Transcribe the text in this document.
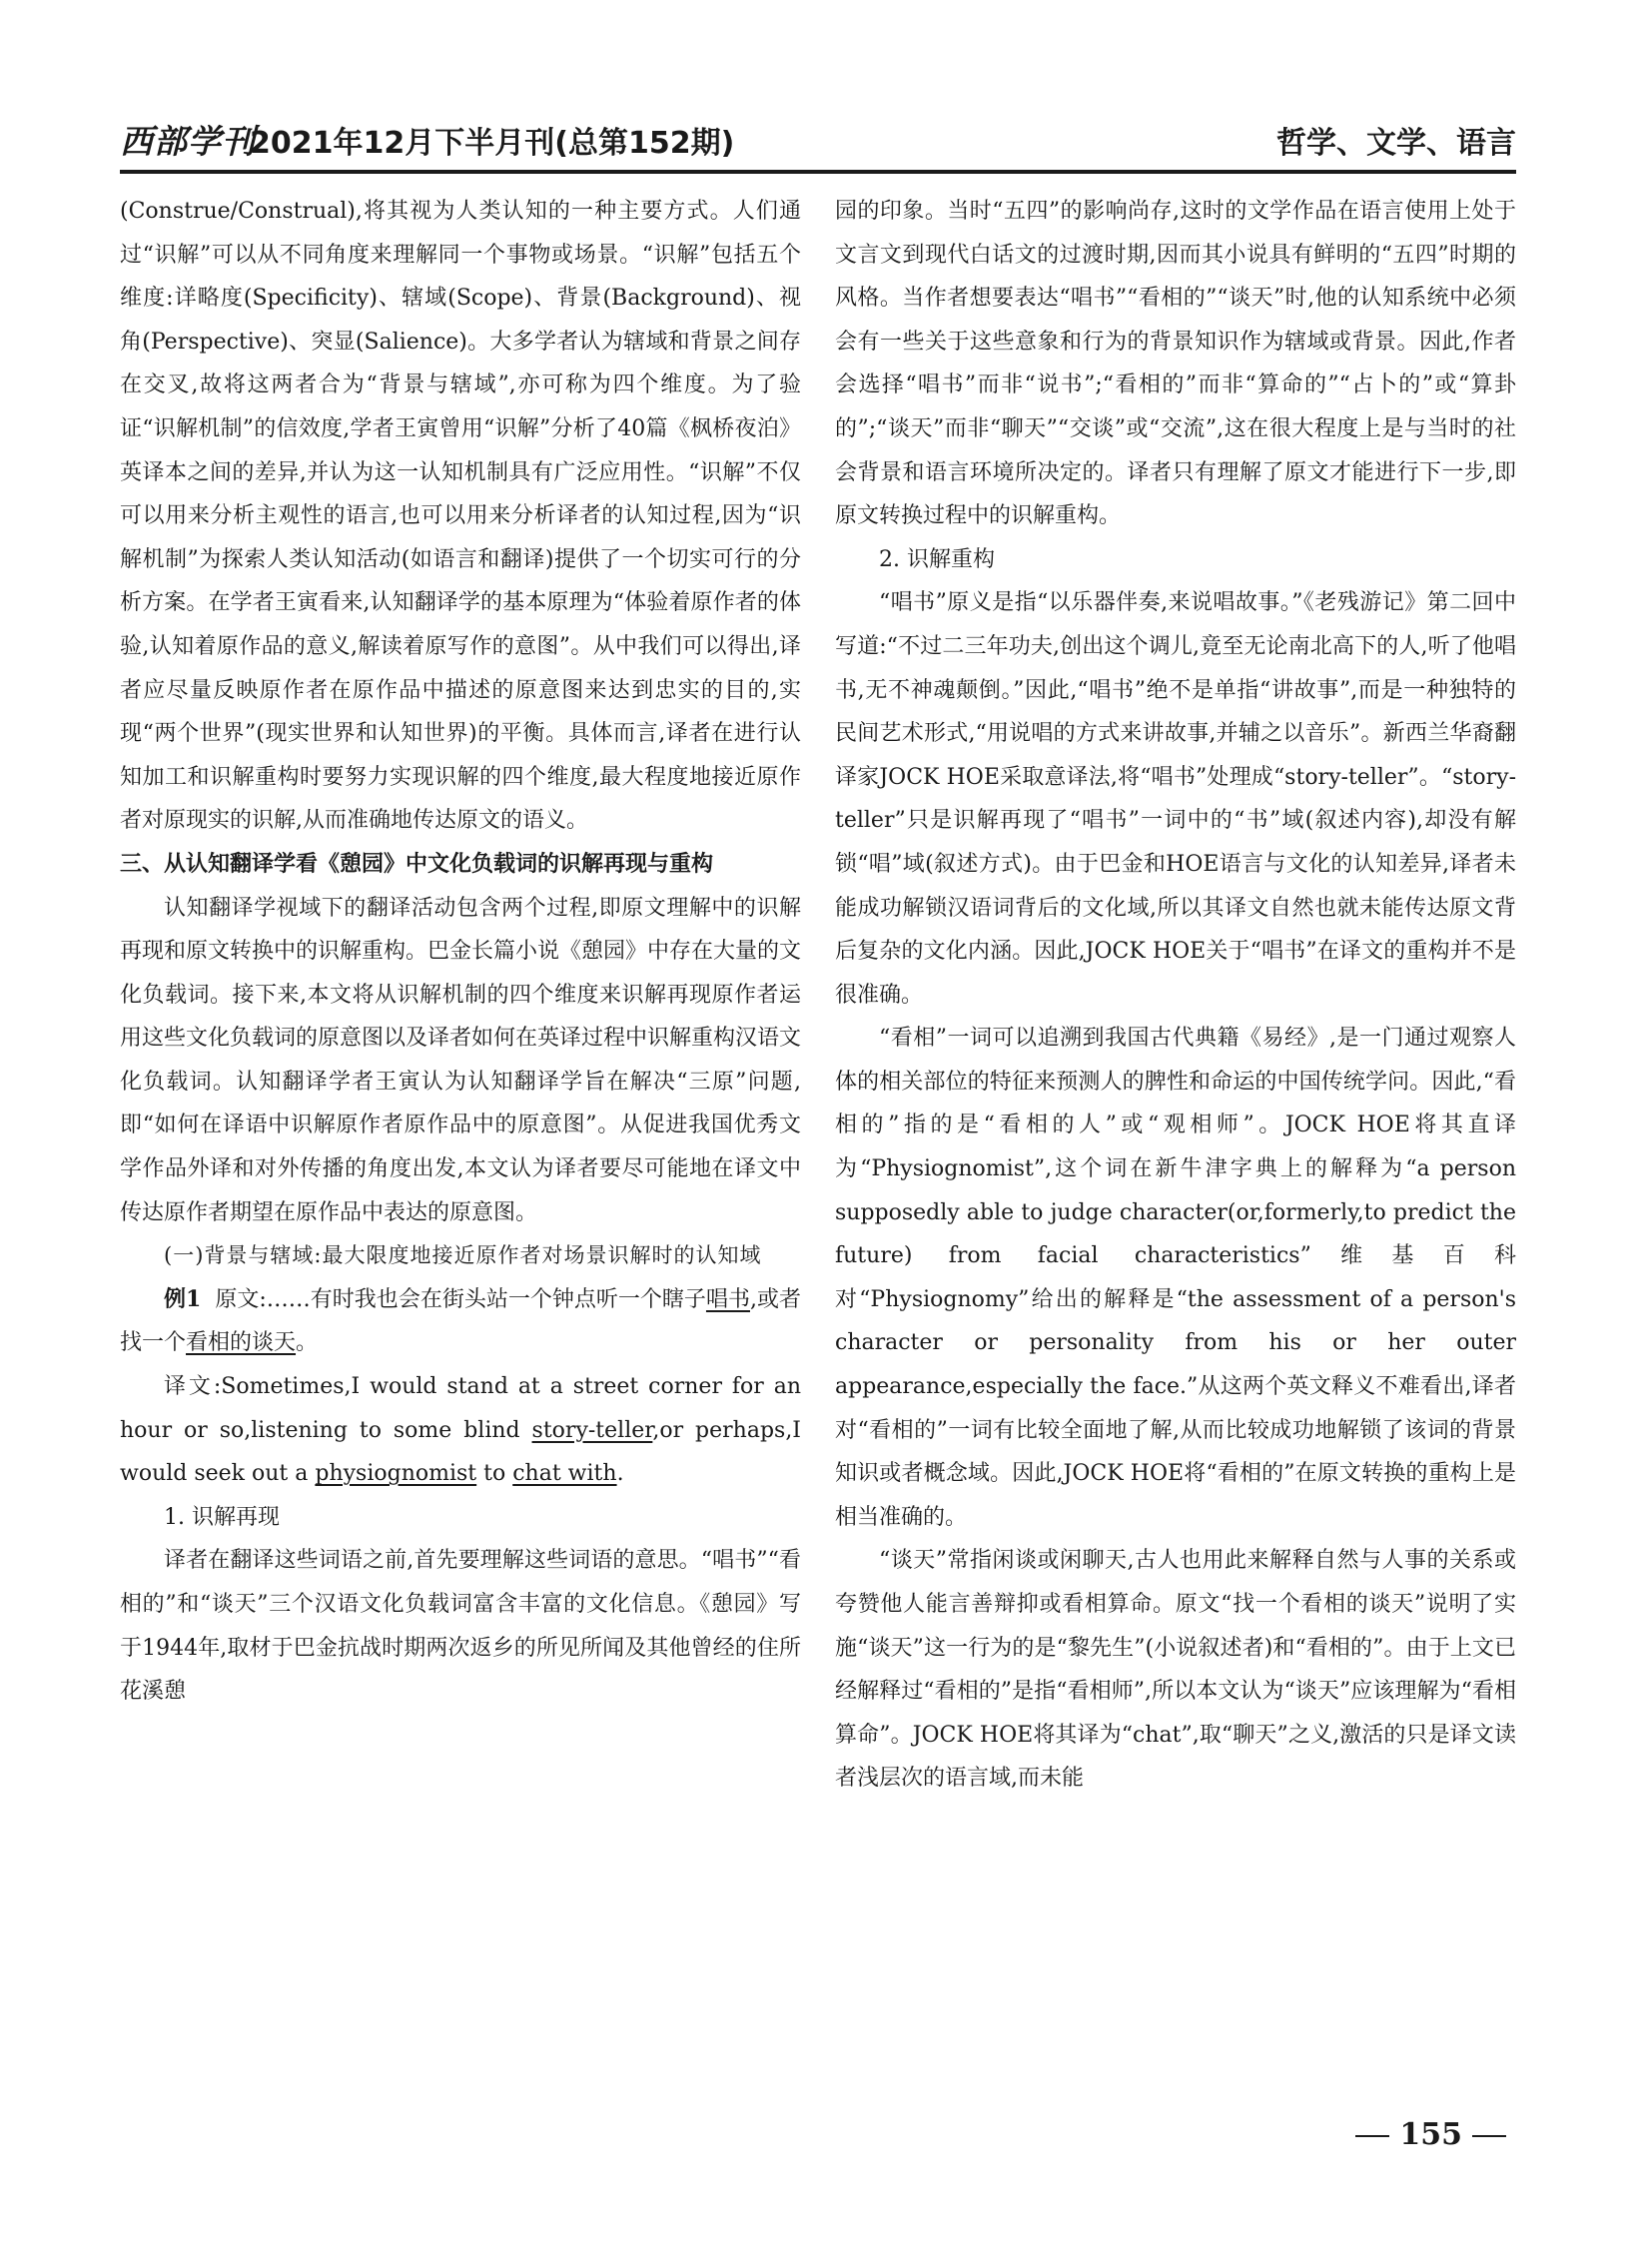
西部学刊
2021年12月下半月刊(总第152期)	哲学、文学、语言

(Construe/Construal),将其视为人类认知的一种主要方式。人们通过“识解”可以从不同角度来理解同一个事物或场景。“识解”包括五个维度:详略度(Specificity)、辖域(Scope)、背景(Background)、视角(Perspective)、突显(Salience)。大多学者认为辖域和背景之间存在交叉,故将这两者合为“背景与辖域”,亦可称为四个维度。为了验证“识解机制”的信效度,学者王寅曾用“识解”分析了40篇《枫桥夜泊》英译本之间的差异,并认为这一认知机制具有广泛应用性。“识解”不仅可以用来分析主观性的语言,也可以用来分析译者的认知过程,因为“识解机制”为探索人类认知活动(如语言和翻译)提供了一个切实可行的分析方案。在学者王寅看来,认知翻译学的基本原理为“体验着原作者的体验,认知着原作品的意义,解读着原写作的意图”。从中我们可以得出,译者应尽量反映原作者在原作品中描述的原意图来达到忠实的目的,实现“两个世界”(现实世界和认知世界)的平衡。具体而言,译者在进行认知加工和识解重构时要努力实现识解的四个维度,最大程度地接近原作者对原现实的识解,从而准确地传达原文的语义。

三、从认知翻译学看《憩园》中文化负载词的识解再现与重构

认知翻译学视域下的翻译活动包含两个过程,即原文理解中的识解再现和原文转换中的识解重构。巴金长篇小说《憩园》中存在大量的文化负载词。接下来,本文将从识解机制的四个维度来识解再现原作者运用这些文化负载词的原意图以及译者如何在英译过程中识解重构汉语文化负载词。认知翻译学者王寅认为认知翻译学旨在解决“三原”问题,即“如何在译语中识解原作者原作品中的原意图”。从促进我国优秀文学作品外译和对外传播的角度出发,本文认为译者要尽可能地在译文中传达原作者期望在原作品中表达的原意图。

(一)背景与辖域:最大限度地接近原作者对场景识解时的认知域

例1 原文:……有时我也会在街头站一个钟点听一个瞎子唱书,或者找一个看相的谈天。

译文:Sometimes,I would stand at a street corner for an hour or so,listening to some blind story-teller,or perhaps,I would seek out a physiognomist to chat with.

1. 识解再现

译者在翻译这些词语之前,首先要理解这些词语的意思。“唱书”“看相的”和“谈天”三个汉语文化负载词富含丰富的文化信息。《憩园》写于1944年,取材于巴金抗战时期两次返乡的所见所闻及其他曾经的住所花溪憩

园的印象。当时“五四”的影响尚存,这时的文学作品在语言使用上处于文言文到现代白话文的过渡时期,因而其小说具有鲜明的“五四”时期的风格。当作者想要表达“唱书”“看相的”“谈天”时,他的认知系统中必须会有一些关于这些意象和行为的背景知识作为辖域或背景。因此,作者会选择“唱书”而非“说书”;“看相的”而非“算命的”“占卜的”或“算卦的”;“谈天”而非“聊天”“交谈”或“交流”,这在很大程度上是与当时的社会背景和语言环境所决定的。译者只有理解了原文才能进行下一步,即原文转换过程中的识解重构。

2. 识解重构

“唱书”原义是指“以乐器伴奏,来说唱故事。”《老残游记》第二回中写道:“不过二三年功夫,创出这个调儿,竟至无论南北高下的人,听了他唱书,无不神魂颠倒。”因此,“唱书”绝不是单指“讲故事”,而是一种独特的民间艺术形式,“用说唱的方式来讲故事,并辅之以音乐”。新西兰华裔翻译家JOCK HOE采取意译法,将“唱书”处理成“story-teller”。“story-teller”只是识解再现了“唱书”一词中的“书”域(叙述内容),却没有解锁“唱”域(叙述方式)。由于巴金和HOE语言与文化的认知差异,译者未能成功解锁汉语词背后的文化域,所以其译文自然也就未能传达原文背后复杂的文化内涵。因此,JOCK HOE关于“唱书”在译文的重构并不是很准确。

“看相”一词可以追溯到我国古代典籍《易经》,是一门通过观察人体的相关部位的特征来预测人的脾性和命运的中国传统学问。因此,“看相的”指的是“看相的人”或“观相师”。JOCK HOE将其直译为“Physiognomist”,这个词在新牛津字典上的解释为“a person supposedly able to judge character(or,formerly,to predict the future) from facial characteristics”维基百科对“Physiognomy”给出的解释是“the assessment of a person's character or personality from his or her outer appearance,especially the face.”从这两个英文释义不难看出,译者对“看相的”一词有比较全面地了解,从而比较成功地解锁了该词的背景知识或者概念域。因此,JOCK HOE将“看相的”在原文转换的重构上是相当准确的。

“谈天”常指闲谈或闲聊天,古人也用此来解释自然与人事的关系或夸赞他人能言善辩抑或看相算命。原文“找一个看相的谈天”说明了实施“谈天”这一行为的是“黎先生”(小说叙述者)和“看相的”。由于上文已经解释过“看相的”是指“看相师”,所以本文认为“谈天”应该理解为“看相算命”。JOCK HOE将其译为“chat”,取“聊天”之义,激活的只是译文读者浅层次的语言域,而未能

155
